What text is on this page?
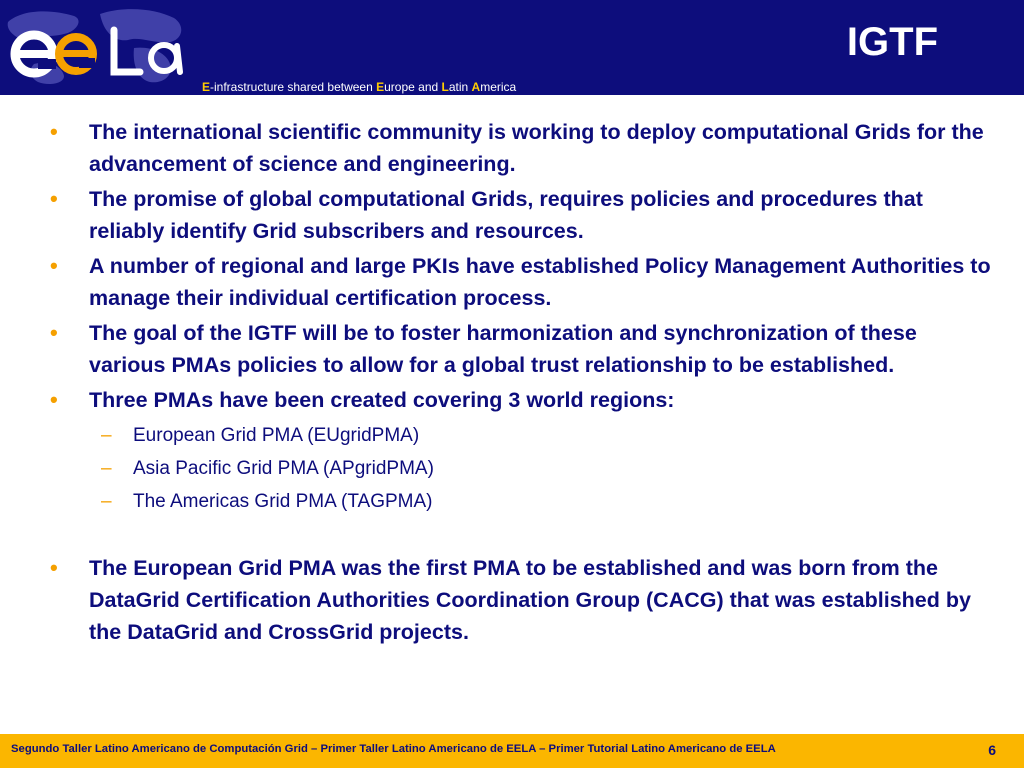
IGTF
E-infrastructure shared between Europe and Latin America
• The international scientific community is working to deploy computational Grids for the advancement of science and engineering.
• The promise of global computational Grids, requires policies and procedures that reliably identify Grid subscribers and resources.
• A number of regional and large PKIs have established Policy Management Authorities to manage their individual certification process.
• The goal of the IGTF will be to foster harmonization and synchronization of these various PMAs policies to allow for a global trust relationship to be established.
• Three PMAs have been created covering 3 world regions:
– European Grid PMA (EUgridPMA)
– Asia Pacific Grid PMA (APgridPMA)
– The Americas Grid PMA (TAGPMA)
• The European Grid PMA was the first PMA to be established and was born from the DataGrid Certification Authorities Coordination Group (CACG) that was established by the DataGrid and CrossGrid projects.
Segundo Taller Latino Americano de Computación Grid – Primer Taller Latino Americano de EELA – Primer Tutorial Latino Americano de EELA	6
